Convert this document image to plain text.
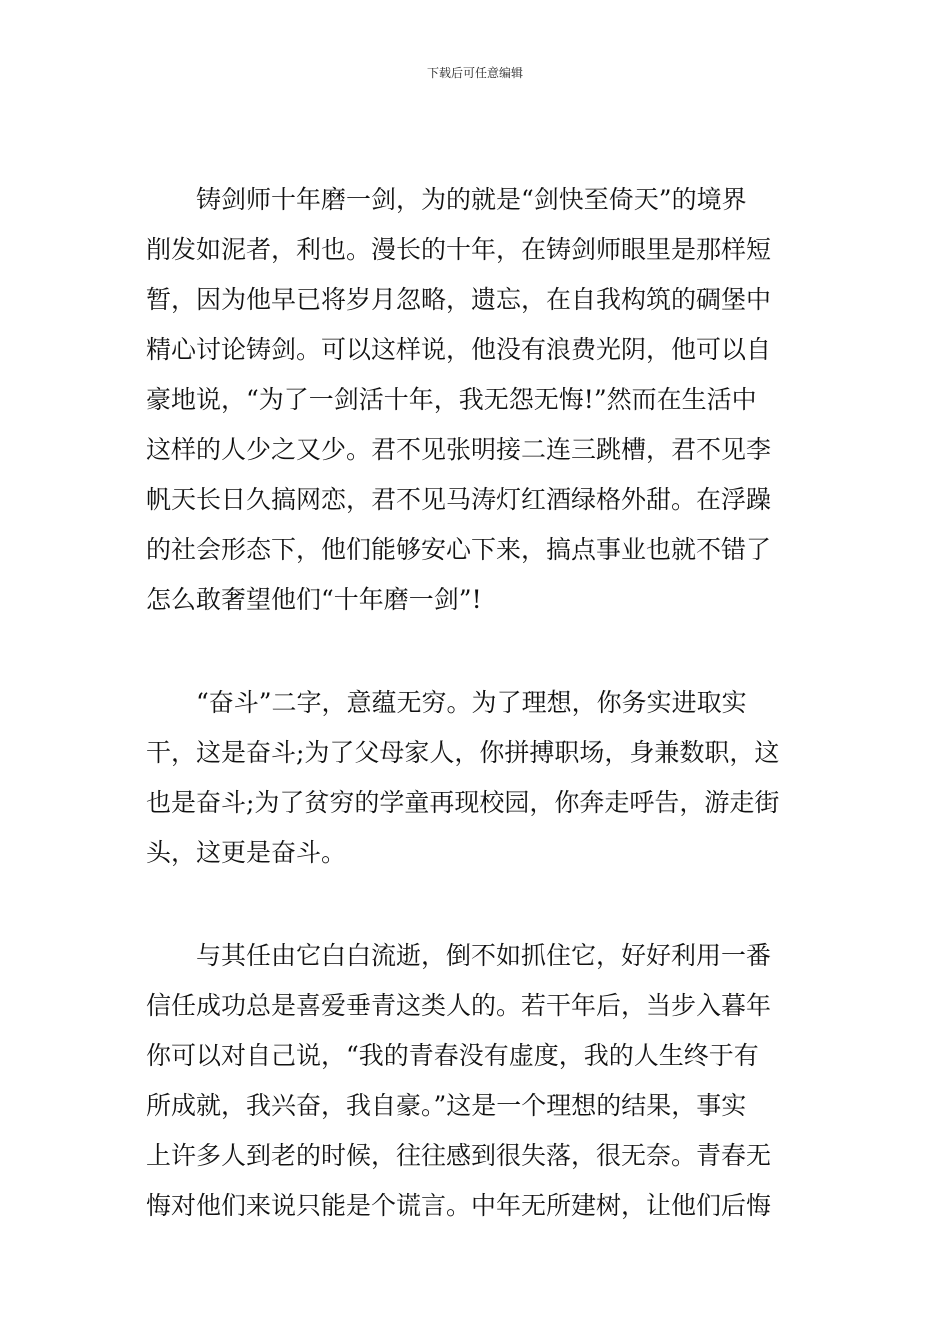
下载后可任意编辑
铸剑师十年磨一剑，为的就是“剑快至倚天”的境界
削发如泥者，利也。漫长的十年，在铸剑师眼里是那样短
暂，因为他早已将岁月忽略，遗忘，在自我构筑的碉堡中
精心讨论铸剑。可以这样说，他没有浪费光阴，他可以自
豪地说，“为了一剑活十年，我无怨无悔!”然而在生活中
这样的人少之又少。君不见张明接二连三跳槽，君不见李
帆天长日久搞网恋，君不见马涛灯红酒绿格外甜。在浮躁
的社会形态下，他们能够安心下来，搞点事业也就不错了
怎么敢奢望他们“十年磨一剑”!
“奋斗”二字，意蕴无穷。为了理想，你务实进取实
干，这是奋斗;为了父母家人，你拼搏职场，身兼数职，这
也是奋斗;为了贫穷的学童再现校园，你奔走呼告，游走街
头，这更是奋斗。
与其任由它白白流逝，倒不如抓住它，好好利用一番
信任成功总是喜爱垂青这类人的。若干年后，当步入暮年
你可以对自己说，“我的青春没有虚度，我的人生终于有
所成就，我兴奋，我自豪。”这是一个理想的结果，事实
上许多人到老的时候，往往感到很失落，很无奈。青春无
悔对他们来说只能是个谎言。中年无所建树，让他们后悔
